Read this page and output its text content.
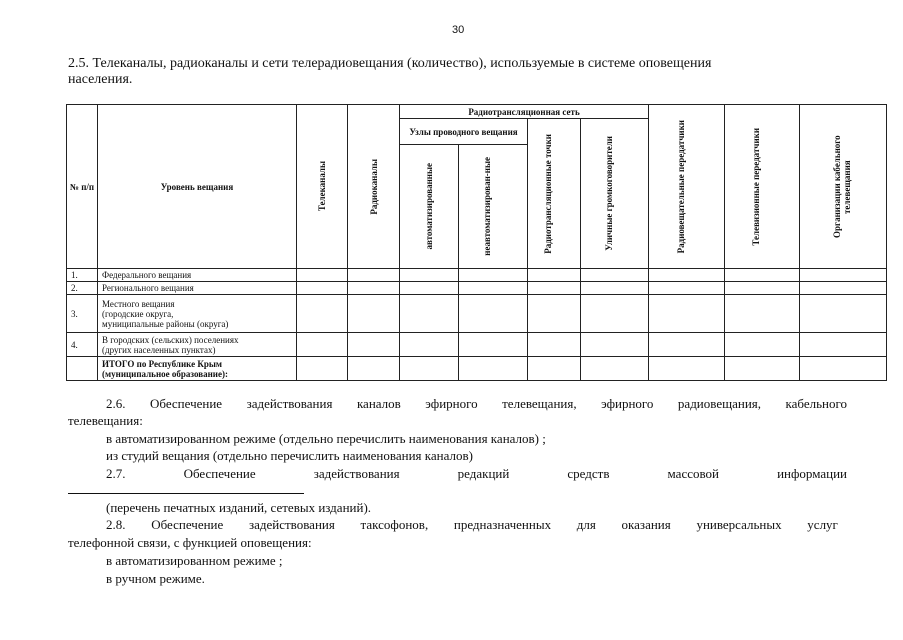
30
2.5. Телеканалы, радиоканалы и сети телерадиовещания (количество), используемые в системе оповещения
населения.
№ п/п	Уровень вещания	Телеканалы	Радиоканалы	Радиотрансляционная сеть				Радиовещательные передатчики	Телевизионные передатчики	Организации кабельного телевещания

				Узлы проводного вещания		Радиотрансляционные точки	Уличные громкоговорители			

				автоматизированные	неавтоматизирован-ные					

1.	Федерального вещания									
2.	Регионального вещания									
3.	Местного вещания
(городские округа,
муниципальные районы (округа)									

4.	В городских (сельских) поселениях
(других населенных пунктах)									

	ИТОГО по Республике Крым
(муниципальное образование):									

2.6. Обеспечение задействования каналов эфирного телевещания, эфирного радиовещания, кабельного
телевещания:
в автоматизированном режиме (отдельно перечислить наименования каналов) ;
из студий вещания (отдельно перечислить наименования каналов)
2.7.	Обеспечение	задействования	редакций	средств	массовой	информации
(перечень печатных изданий, сетевых изданий).
2.8. Обеспечение задействования таксофонов, предназначенных для оказания универсальных услуг
телефонной связи, с функцией оповещения:
в автоматизированном режиме ;
в ручном режиме.
